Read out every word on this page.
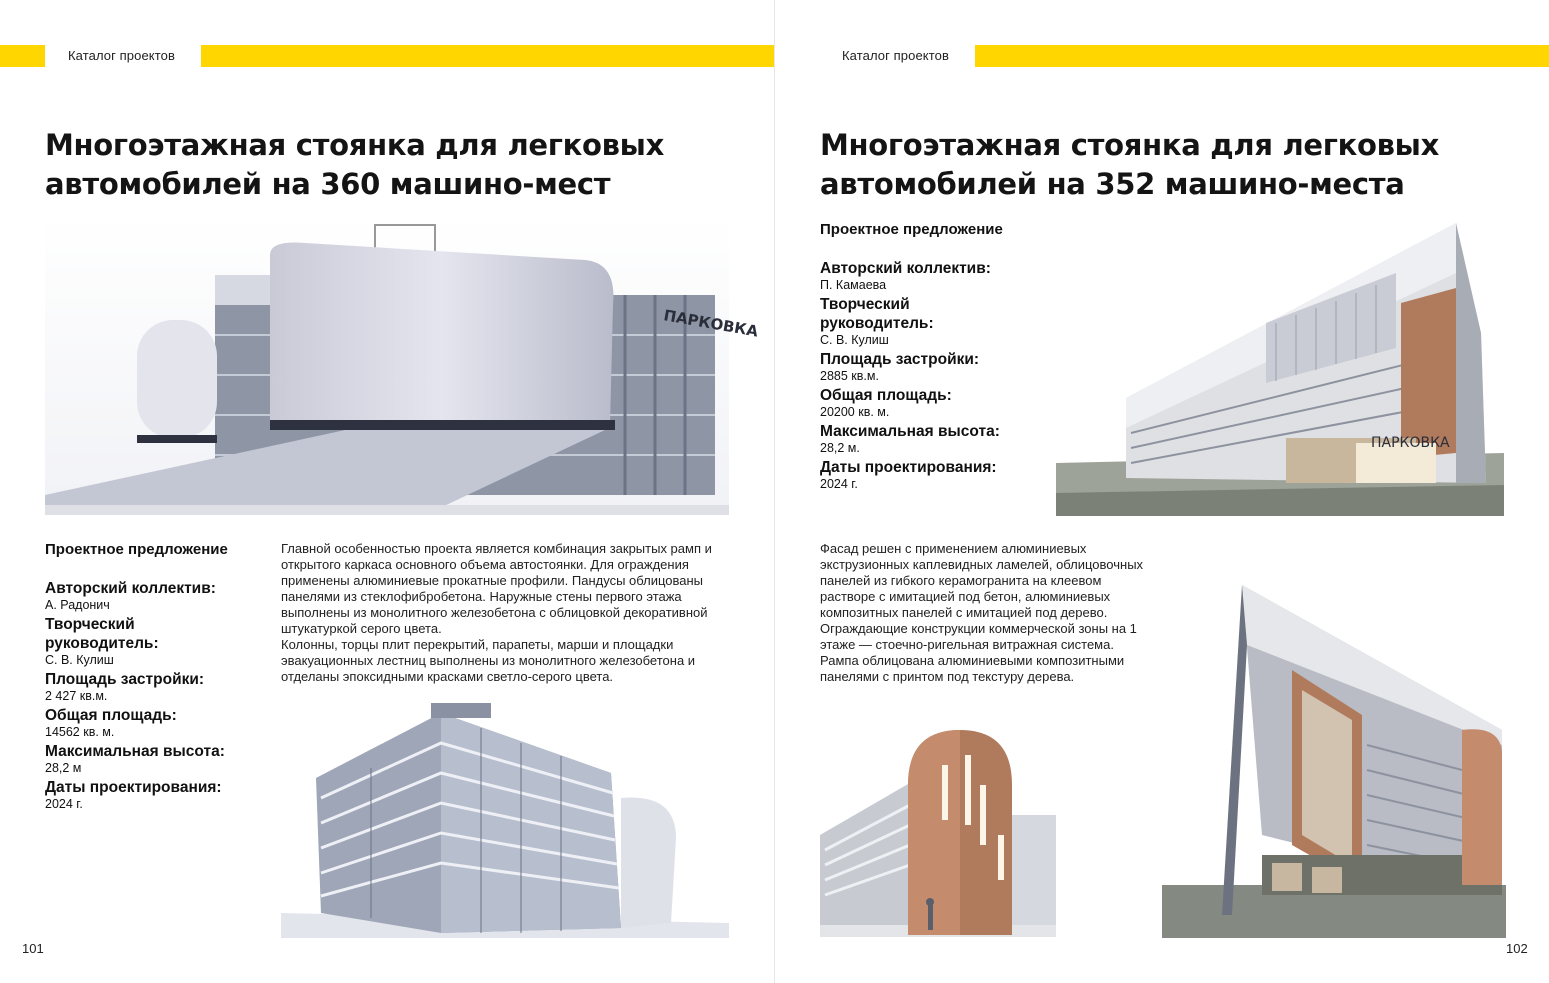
Каталог проектов
Многоэтажная стоянка для легковых
автомобилей на 360 машино-мест
ПАРКОВКА
Проектное предложение
Авторский коллектив:
А. Радонич
Творческий
руководитель:
С. В. Кулиш
Площадь застройки:
2 427 кв.м.
Общая площадь:
14562 кв. м.
Максимальная высота:
28,2 м
Даты проектирования:
2024 г.

Главной особенностью проекта является комбинация закрытых рамп и открытого каркаса основного объема автостоянки. Для ограждения применены алюминиевые прокатные профили. Пандусы облицованы панелями из стеклофибробетона. Наружные стены первого этажа выполнены из монолитного железобетона с облицовкой декоративной штукатуркой серого цвета.

Колонны, торцы плит перекрытий, парапеты, марши и площадки эвакуационных лестниц выполнены из монолитного железобетона и отделаны эпоксидными красками светло-серого цвета.

101
Каталог проектов
Многоэтажная стоянка для легковых
автомобилей на 352 машино-места
Проектное предложение
Авторский коллектив:
П. Камаева
Творческий
руководитель:
С. В. Кулиш
Площадь застройки:
2885 кв.м.
Общая площадь:
20200 кв. м.
Максимальная высота:
28,2 м.
Даты проектирования:
2024 г.
ПАРКОВКА

Фасад решен с применением алюминиевых экструзионных каплевидных ламелей, облицовочных панелей из гибкого керамогранита на клеевом растворе с имитацией под бетон, алюминиевых композитных панелей с имитацией под дерево. Ограждающие конструкции коммерческой зоны на 1 этаже — стоечно-ригельная витражная система. Рампа облицована алюминиевыми композитными панелями с принтом под текстуру дерева.

102
